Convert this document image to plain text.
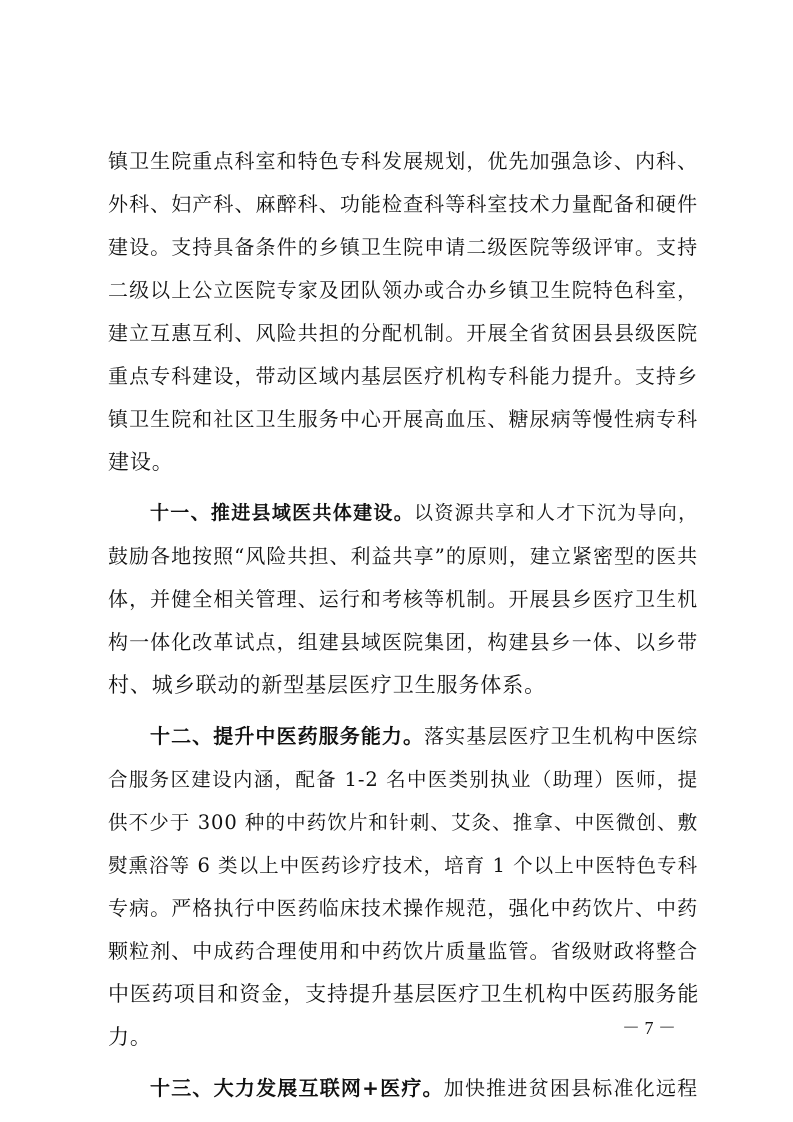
镇卫生院重点科室和特色专科发展规划，优先加强急诊、内科、
外科、妇产科、麻醉科、功能检查科等科室技术力量配备和硬件
建设。支持具备条件的乡镇卫生院申请二级医院等级评审。支持
二级以上公立医院专家及团队领办或合办乡镇卫生院特色科室，
建立互惠互利、风险共担的分配机制。开展全省贫困县县级医院
重点专科建设，带动区域内基层医疗机构专科能力提升。支持乡
镇卫生院和社区卫生服务中心开展高血压、糖尿病等慢性病专科
建设。
十一、推进县域医共体建设。以资源共享和人才下沉为导向，
鼓励各地按照“风险共担、利益共享”的原则，建立紧密型的医共
体，并健全相关管理、运行和考核等机制。开展县乡医疗卫生机
构一体化改革试点，组建县域医院集团，构建县乡一体、以乡带
村、城乡联动的新型基层医疗卫生服务体系。
十二、提升中医药服务能力。落实基层医疗卫生机构中医综
合服务区建设内涵，配备 1-2 名中医类别执业（助理）医师，提
供不少于 300 种的中药饮片和针刺、艾灸、推拿、中医微创、敷
熨熏浴等 6 类以上中医药诊疗技术，培育 1 个以上中医特色专科
专病。严格执行中医药临床技术操作规范，强化中药饮片、中药
颗粒剂、中成药合理使用和中药饮片质量监管。省级财政将整合
中医药项目和资金，支持提升基层医疗卫生机构中医药服务能
力。
十三、大力发展互联网+医疗。加快推进贫困县标准化远程
－ 7 －
